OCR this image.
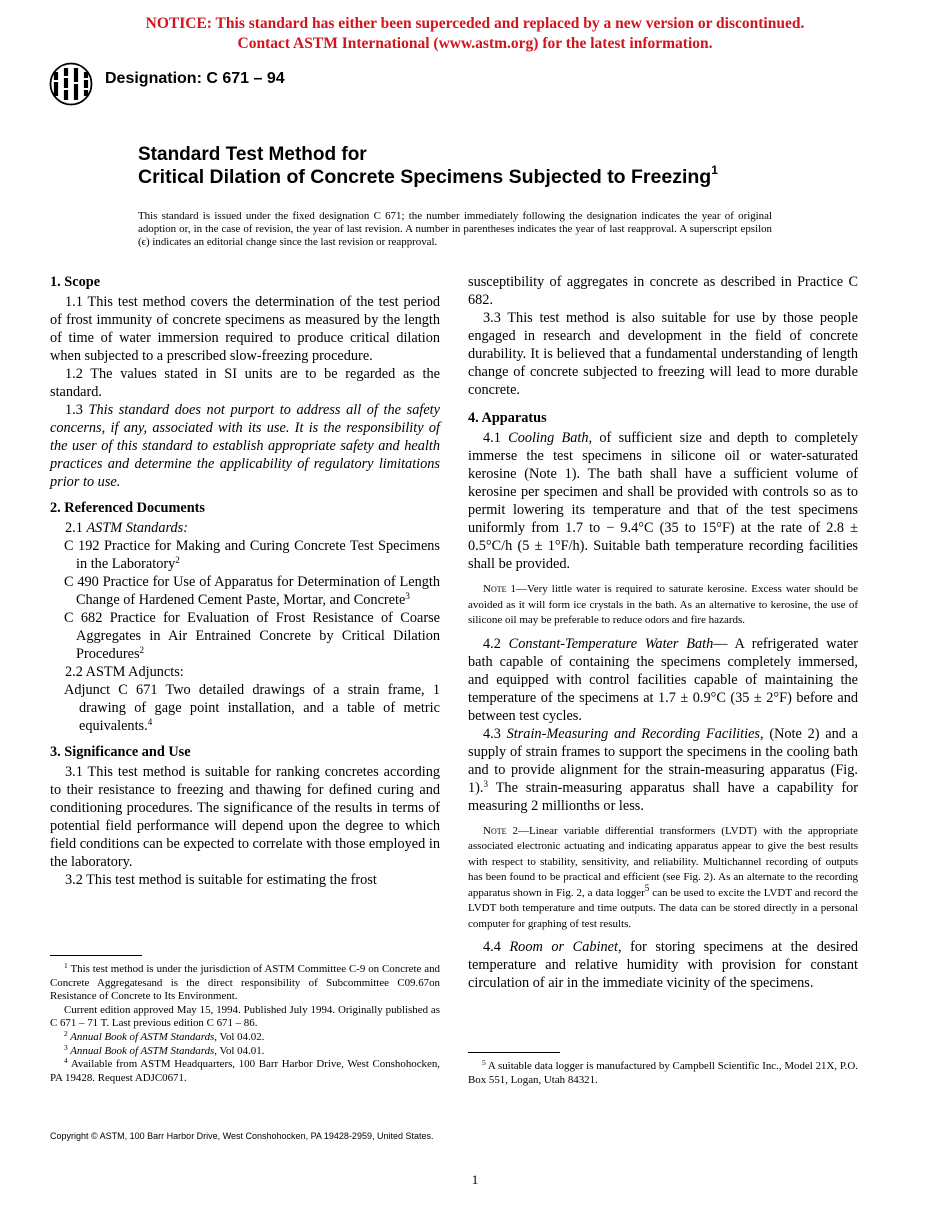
NOTICE: This standard has either been superceded and replaced by a new version or discontinued.
Contact ASTM International (www.astm.org) for the latest information.
Designation: C 671 – 94
Standard Test Method for
Critical Dilation of Concrete Specimens Subjected to Freezing$^1$
This standard is issued under the fixed designation C 671; the number immediately following the designation indicates the year of original adoption or, in the case of revision, the year of last revision. A number in parentheses indicates the year of last reapproval. A superscript epsilon (ϵ) indicates an editorial change since the last revision or reapproval.

1. Scope

1.1 This test method covers the determination of the test period of frost immunity of concrete specimens as measured by the length of time of water immersion required to produce critical dilation when subjected to a prescribed slow-freezing procedure.

1.2 The values stated in SI units are to be regarded as the standard.

1.3 This standard does not purport to address all of the safety concerns, if any, associated with its use. It is the responsibility of the user of this standard to establish appropriate safety and health practices and determine the applicability of regulatory limitations prior to use.

2. Referenced Documents

2.1 ASTM Standards:

C 192 Practice for Making and Curing Concrete Test Specimens in the Laboratory$^2$

C 490 Practice for Use of Apparatus for Determination of Length Change of Hardened Cement Paste, Mortar, and Concrete$^3$

C 682 Practice for Evaluation of Frost Resistance of Coarse Aggregates in Air Entrained Concrete by Critical Dilation Procedures$^2$

2.2 ASTM Adjuncts:

Adjunct C 671 Two detailed drawings of a strain frame, 1 drawing of gage point installation, and a table of metric equivalents.$^4$

3. Significance and Use

3.1 This test method is suitable for ranking concretes according to their resistance to freezing and thawing for defined curing and conditioning procedures. The significance of the results in terms of potential field performance will depend upon the degree to which field conditions can be expected to correlate with those employed in the laboratory.

3.2 This test method is suitable for estimating the frost

susceptibility of aggregates in concrete as described in Practice C 682.

3.3 This test method is also suitable for use by those people engaged in research and development in the field of concrete durability. It is believed that a fundamental understanding of length change of concrete subjected to freezing will lead to more durable concrete.

4. Apparatus

4.1 Cooling Bath, of sufficient size and depth to completely immerse the test specimens in silicone oil or water-saturated kerosine (Note 1). The bath shall have a sufficient volume of kerosine per specimen and shall be provided with controls so as to permit lowering its temperature and that of the test specimens uniformly from 1.7 to − 9.4°C (35 to 15°F) at the rate of 2.8 ± 0.5°C/h (5 ± 1°F/h). Suitable bath temperature recording facilities shall be provided.

Note 1—Very little water is required to saturate kerosine. Excess water should be avoided as it will form ice crystals in the bath. As an alternative to kerosine, the use of silicone oil may be preferable to reduce odors and fire hazards.

4.2 Constant-Temperature Water Bath— A refrigerated water bath capable of containing the specimens completely immersed, and equipped with control facilities capable of maintaining the temperature of the specimens at 1.7 ± 0.9°C (35 ± 2°F) before and between test cycles.

4.3 Strain-Measuring and Recording Facilities, (Note 2) and a supply of strain frames to support the specimens in the cooling bath and to provide alignment for the strain-measuring apparatus (Fig. 1).$^3$ The strain-measuring apparatus shall have a capability for measuring 2 millionths or less.

Note 2—Linear variable differential transformers (LVDT) with the appropriate associated electronic actuating and indicating apparatus appear to give the best results with respect to stability, sensitivity, and reliability. Multichannel recording of outputs has been found to be practical and efficient (see Fig. 2). As an alternate to the recording apparatus shown in Fig. 2, a data logger$^5$ can be used to excite the LVDT and record the LVDT both temperature and time outputs. The data can be stored directly in a personal computer for graphing of test results.

4.4 Room or Cabinet, for storing specimens at the desired temperature and relative humidity with provision for constant circulation of air in the immediate vicinity of the specimens.

$^1$ This test method is under the jurisdiction of ASTM Committee C-9 on Concrete and Concrete Aggregatesand is the direct responsibility of Subcommittee C09.67on Resistance of Concrete to Its Environment.

Current edition approved May 15, 1994. Published July 1994. Originally published as C 671 – 71 T. Last previous edition C 671 – 86.

$^2$ Annual Book of ASTM Standards, Vol 04.02.

$^3$ Annual Book of ASTM Standards, Vol 04.01.

$^4$ Available from ASTM Headquarters, 100 Barr Harbor Drive, West Conshohocken, PA 19428. Request ADJC0671.

$^5$ A suitable data logger is manufactured by Campbell Scientific Inc., Model 21X, P.O. Box 551, Logan, Utah 84321.

Copyright © ASTM, 100 Barr Harbor Drive, West Conshohocken, PA 19428-2959, United States.
1
